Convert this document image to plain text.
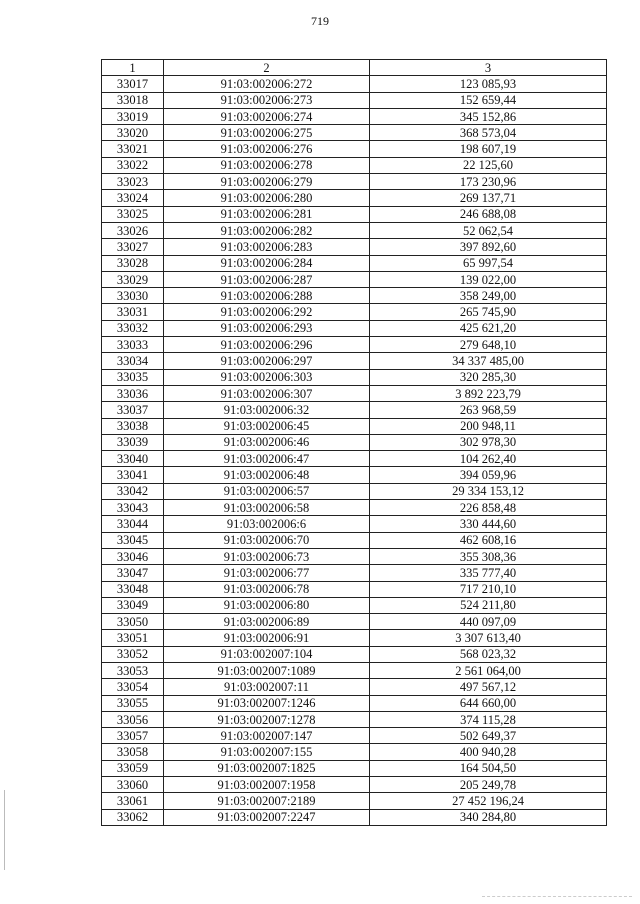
719
1	2	3
33017	91:03:002006:272	123 085,93
33018	91:03:002006:273	152 659,44
33019	91:03:002006:274	345 152,86
33020	91:03:002006:275	368 573,04
33021	91:03:002006:276	198 607,19
33022	91:03:002006:278	22 125,60
33023	91:03:002006:279	173 230,96
33024	91:03:002006:280	269 137,71
33025	91:03:002006:281	246 688,08
33026	91:03:002006:282	52 062,54
33027	91:03:002006:283	397 892,60
33028	91:03:002006:284	65 997,54
33029	91:03:002006:287	139 022,00
33030	91:03:002006:288	358 249,00
33031	91:03:002006:292	265 745,90
33032	91:03:002006:293	425 621,20
33033	91:03:002006:296	279 648,10
33034	91:03:002006:297	34 337 485,00
33035	91:03:002006:303	320 285,30
33036	91:03:002006:307	3 892 223,79
33037	91:03:002006:32	263 968,59
33038	91:03:002006:45	200 948,11
33039	91:03:002006:46	302 978,30
33040	91:03:002006:47	104 262,40
33041	91:03:002006:48	394 059,96
33042	91:03:002006:57	29 334 153,12
33043	91:03:002006:58	226 858,48
33044	91:03:002006:6	330 444,60
33045	91:03:002006:70	462 608,16
33046	91:03:002006:73	355 308,36
33047	91:03:002006:77	335 777,40
33048	91:03:002006:78	717 210,10
33049	91:03:002006:80	524 211,80
33050	91:03:002006:89	440 097,09
33051	91:03:002006:91	3 307 613,40
33052	91:03:002007:104	568 023,32
33053	91:03:002007:1089	2 561 064,00
33054	91:03:002007:11	497 567,12
33055	91:03:002007:1246	644 660,00
33056	91:03:002007:1278	374 115,28
33057	91:03:002007:147	502 649,37
33058	91:03:002007:155	400 940,28
33059	91:03:002007:1825	164 504,50
33060	91:03:002007:1958	205 249,78
33061	91:03:002007:2189	27 452 196,24
33062	91:03:002007:2247	340 284,80
